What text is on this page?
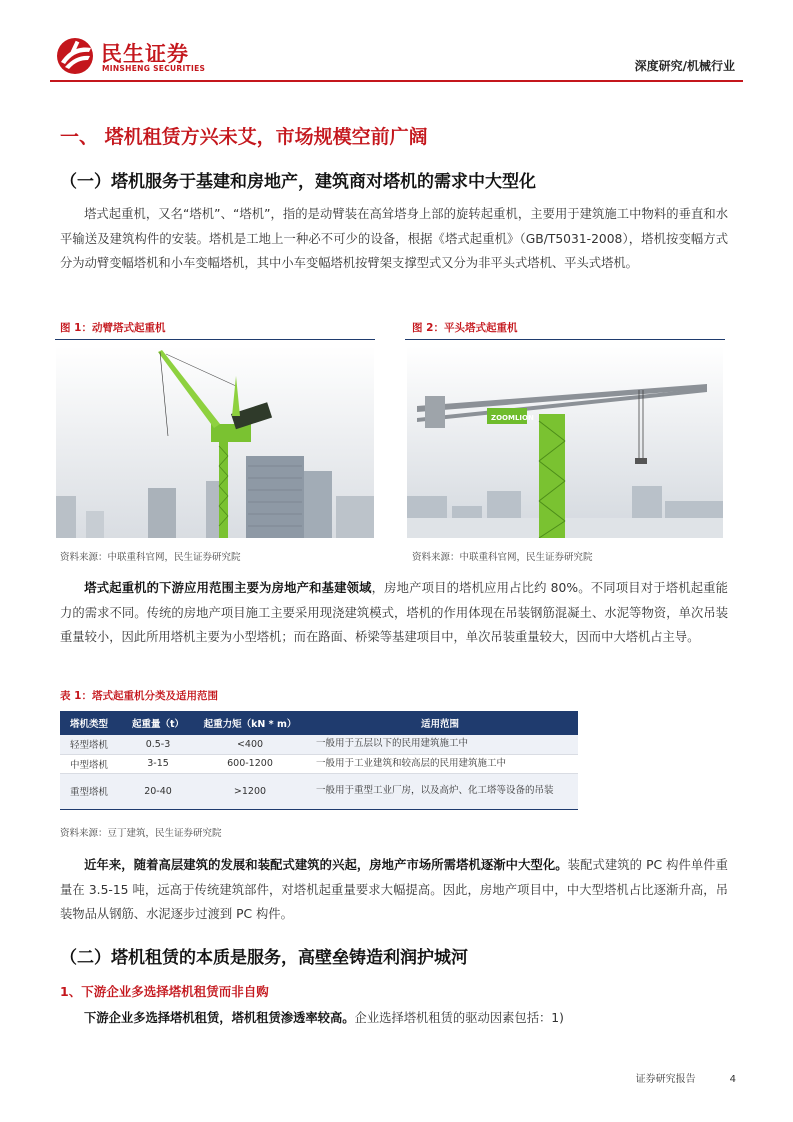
民生证券
MINSHENG SECURITIES	深度研究/机械行业
一、 塔机租赁方兴未艾，市场规模空前广阔
（一）塔机服务于基建和房地产，建筑商对塔机的需求中大型化
塔式起重机，又名“塔机”、“塔机”，指的是动臂装在高耸塔身上部的旋转起重机，主要用于建筑施工中物料的垂直和水平输送及建筑构件的安装。塔机是工地上一种必不可少的设备，根据《塔式起重机》（GB/T5031-2008），塔机按变幅方式分为动臂变幅塔机和小车变幅塔机，其中小车变幅塔机按臂架支撑型式又分为非平头式塔机、平头式塔机。
图 1：动臂塔式起重机	图 2：平头塔式起重机
ZOOMLION
资料来源：中联重科官网，民生证券研究院	资料来源：中联重科官网，民生证券研究院
塔式起重机的下游应用范围主要为房地产和基建领域，房地产项目的塔机应用占比约 80%。不同项目对于塔机起重能力的需求不同。传统的房地产项目施工主要采用现浇建筑模式，塔机的作用体现在吊装钢筋混凝土、水泥等物资，单次吊装重量较小，因此所用塔机主要为小型塔机；而在路面、桥梁等基建项目中，单次吊装重量较大，因而中大塔机占主导。
表 1：塔式起重机分类及适用范围
塔机类型	起重量（t）	起重力矩（kN * m）	适用范围
轻型塔机	0.5-3	<400	一般用于五层以下的民用建筑施工中
中型塔机	3-15	600-1200	一般用于工业建筑和较高层的民用建筑施工中
重型塔机	20-40	>1200	一般用于重型工业厂房，以及高炉、化工塔等设备的吊装
资料来源：豆丁建筑，民生证券研究院
近年来，随着高层建筑的发展和装配式建筑的兴起，房地产市场所需塔机逐渐中大型化。装配式建筑的 PC 构件单件重量在 3.5-15 吨，远高于传统建筑部件，对塔机起重量要求大幅提高。因此，房地产项目中，中大型塔机占比逐渐升高，吊装物品从钢筋、水泥逐步过渡到 PC 构件。
（二）塔机租赁的本质是服务，高壁垒铸造利润护城河
1、下游企业多选择塔机租赁而非自购
下游企业多选择塔机租赁，塔机租赁渗透率较高。企业选择塔机租赁的驱动因素包括：1)
证券研究报告	4
